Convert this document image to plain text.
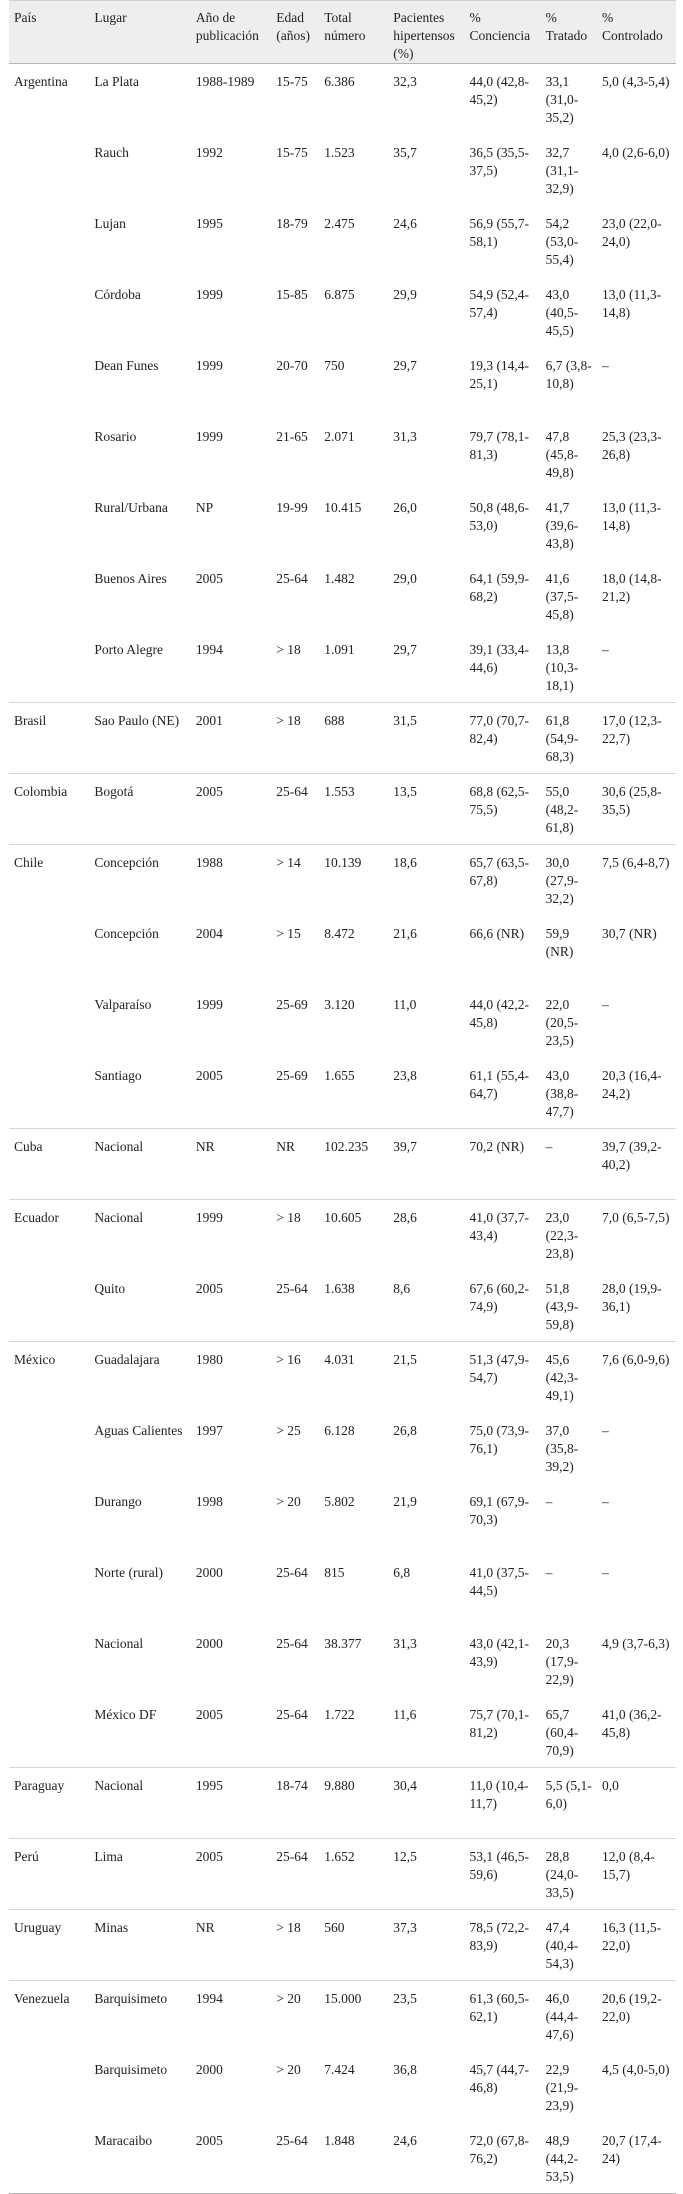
País	Lugar	Año de publicación	Edad (años)	Total número	Pacientes hipertensos (%)	% Conciencia	% Tratado	% Controlado
Argentina	La Plata	1988-1989	15-75	6.386	32,3	44,0 (42,8-45,2)	33,1 (31,0-35,2)	5,0 (4,3-5,4)
	Rauch	1992	15-75	1.523	35,7	36,5 (35,5-37,5)	32,7 (31,1-32,9)	4,0 (2,6-6,0)
	Lujan	1995	18-79	2.475	24,6	56,9 (55,7-58,1)	54,2 (53,0-55,4)	23,0 (22,0-24,0)
	Córdoba	1999	15-85	6.875	29,9	54,9 (52,4-57,4)	43,0 (40,5-45,5)	13,0 (11,3-14,8)
	Dean Funes	1999	20-70	750	29,7	19,3 (14,4-25,1)	6,7 (3,8-10,8)	–
	Rosario	1999	21-65	2.071	31,3	79,7 (78,1-81,3)	47,8 (45,8-49,8)	25,3 (23,3-26,8)
	Rural/Urbana	NP	19-99	10.415	26,0	50,8 (48,6-53,0)	41,7 (39,6-43,8)	13,0 (11,3-14,8)
	Buenos Aires	2005	25-64	1.482	29,0	64,1 (59,9-68,2)	41,6 (37,5-45,8)	18,0 (14,8-21,2)
	Porto Alegre	1994	> 18	1.091	29,7	39,1 (33,4-44,6)	13,8 (10,3-18,1)	–
Brasil	Sao Paulo (NE)	2001	> 18	688	31,5	77,0 (70,7-82,4)	61,8 (54,9-68,3)	17,0 (12,3-22,7)
Colombia	Bogotá	2005	25-64	1.553	13,5	68,8 (62,5-75,5)	55,0 (48,2-61,8)	30,6 (25,8-35,5)
Chile	Concepción	1988	> 14	10.139	18,6	65,7 (63,5-67,8)	30,0 (27,9-32,2)	7,5 (6,4-8,7)
	Concepción	2004	> 15	8.472	21,6	66,6 (NR)	59,9 (NR)	30,7 (NR)
	Valparaíso	1999	25-69	3.120	11,0	44,0 (42,2-45,8)	22,0 (20,5-23,5)	–
	Santiago	2005	25-69	1.655	23,8	61,1 (55,4-64,7)	43,0 (38,8-47,7)	20,3 (16,4-24,2)
Cuba	Nacional	NR	NR	102.235	39,7	70,2 (NR)	–	39,7 (39,2-40,2)
Ecuador	Nacional	1999	> 18	10.605	28,6	41,0 (37,7-43,4)	23,0 (22,3-23,8)	7,0 (6,5-7,5)
	Quito	2005	25-64	1.638	8,6	67,6 (60,2-74,9)	51,8 (43,9-59,8)	28,0 (19,9-36,1)
México	Guadalajara	1980	> 16	4.031	21,5	51,3 (47,9-54,7)	45,6 (42,3-49,1)	7,6 (6,0-9,6)
	Aguas Calientes	1997	> 25	6.128	26,8	75,0 (73,9-76,1)	37,0 (35,8-39,2)	–
	Durango	1998	> 20	5.802	21,9	69,1 (67,9-70,3)	–	–
	Norte (rural)	2000	25-64	815	6,8	41,0 (37,5-44,5)	–	–
	Nacional	2000	25-64	38.377	31,3	43,0 (42,1-43,9)	20,3 (17,9-22,9)	4,9 (3,7-6,3)
	México DF	2005	25-64	1.722	11,6	75,7 (70,1-81,2)	65,7 (60,4-70,9)	41,0 (36,2-45,8)
Paraguay	Nacional	1995	18-74	9.880	30,4	11,0 (10,4-11,7)	5,5 (5,1-6,0)	0,0
Perú	Lima	2005	25-64	1.652	12,5	53,1 (46,5-59,6)	28,8 (24,0-33,5)	12,0 (8,4-15,7)
Uruguay	Minas	NR	> 18	560	37,3	78,5 (72,2-83,9)	47,4 (40,4-54,3)	16,3 (11,5-22,0)
Venezuela	Barquisimeto	1994	> 20	15.000	23,5	61,3 (60,5-62,1)	46,0 (44,4-47,6)	20,6 (19,2-22,0)
	Barquisimeto	2000	> 20	7.424	36,8	45,7 (44,7-46,8)	22,9 (21,9-23,9)	4,5 (4,0-5,0)
	Maracaibo	2005	25-64	1.848	24,6	72,0 (67,8-76,2)	48,9 (44,2-53,5)	20,7 (17,4-24)
